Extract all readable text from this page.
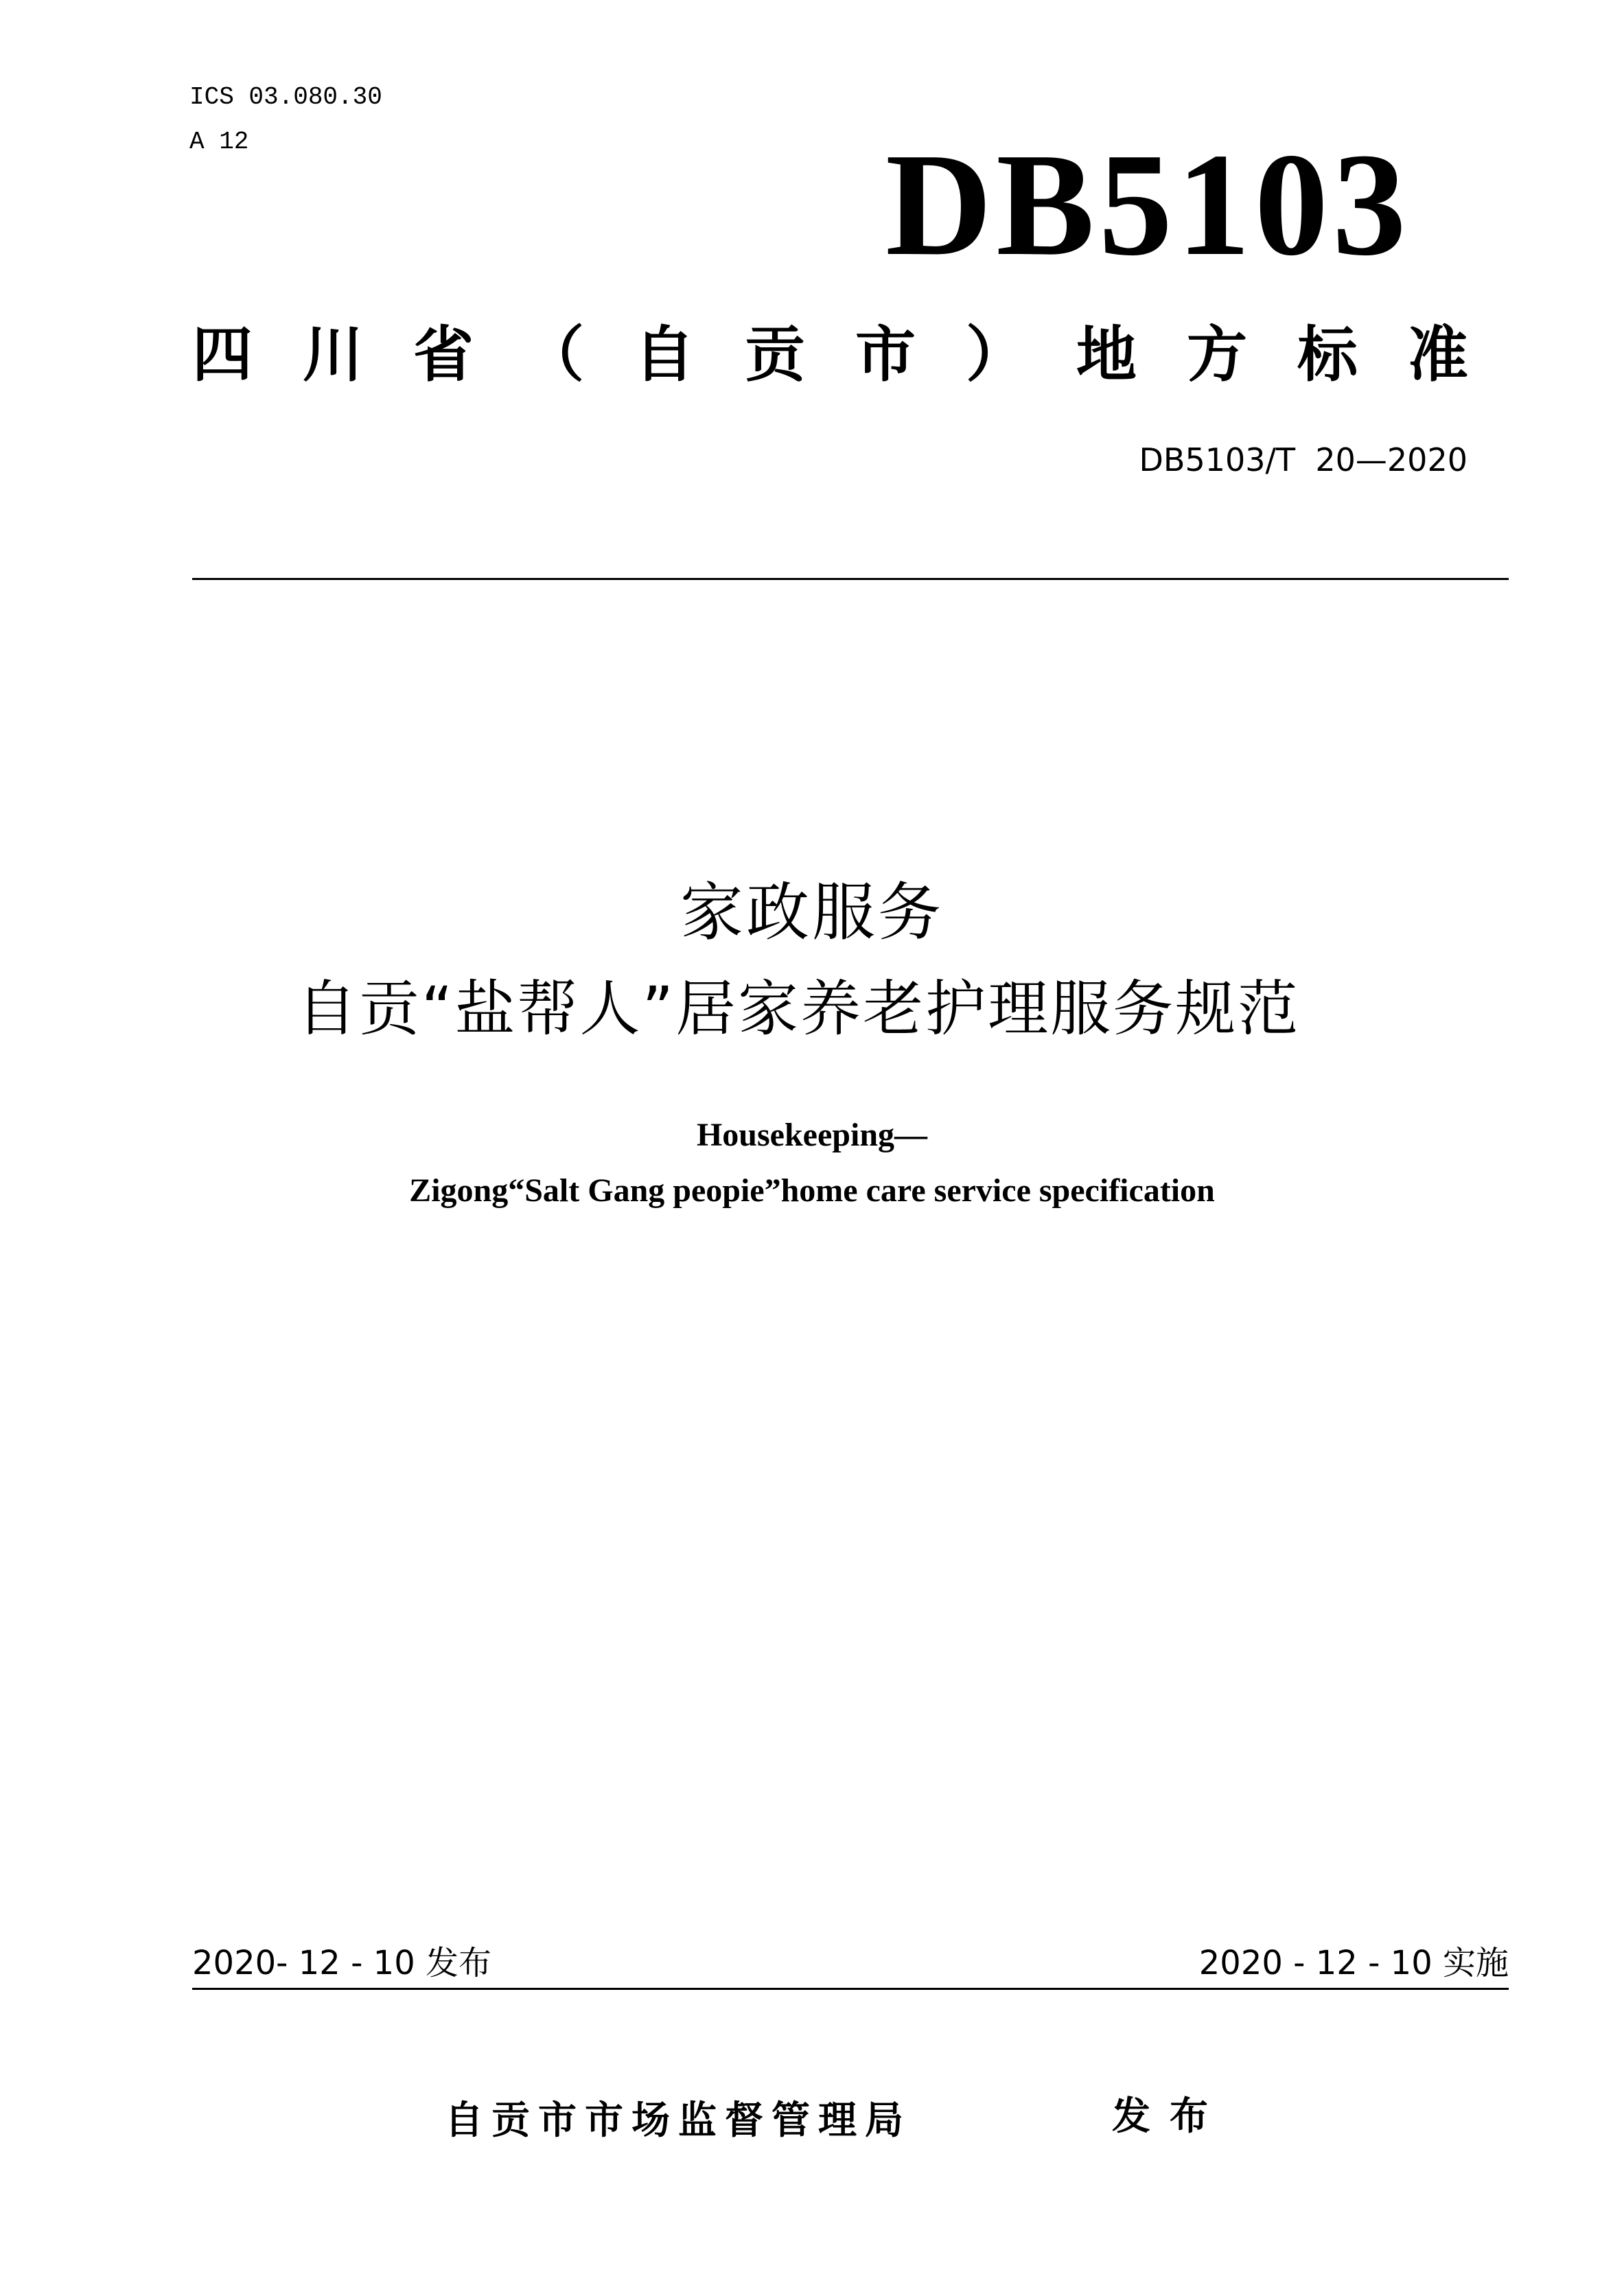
ICS 03.080.30
A 12	DB5103
四川省（自贡市）地方标准
DB5103/T  20—2020
家政服务
自贡“盐帮人”居家养老护理服务规范
Housekeeping—
Zigong“Salt Gang peopie”home care service specification
2020- 12 - 10 发布	2020 - 12 - 10 实施
自贡市市场监督管理局	发布
